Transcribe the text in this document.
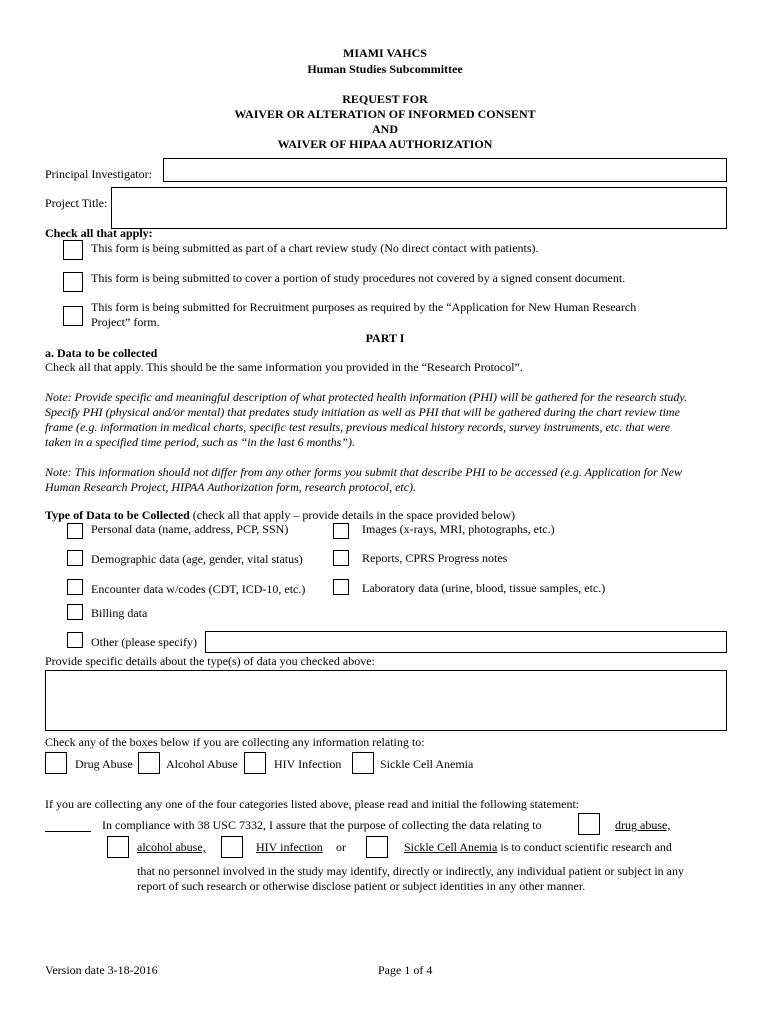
MIAMI VAHCS
Human Studies Subcommittee
REQUEST FOR
WAIVER OR ALTERATION OF INFORMED CONSENT
AND
WAIVER OF HIPAA AUTHORIZATION
Principal Investigator:
Project Title:
Check all that apply:
This form is being submitted as part of a chart review study (No direct contact with patients).
This form is being submitted to cover a portion of study procedures not covered by a signed consent document.
This form is being submitted for Recruitment purposes as required by the “Application for New Human Research
Project” form.
PART I
a. Data to be collected
Check all that apply. This should be the same information you provided in the “Research Protocol”.
Note: Provide specific and meaningful description of what protected health information (PHI) will be gathered for the research study.
Specify PHI (physical and/or mental) that predates study initiation as well as PHI that will be gathered during the chart review time
frame (e.g. information in medical charts, specific test results, previous medical history records, survey instruments, etc. that were
taken in a specified time period, such as “in the last 6 months”).
Note: This information should not differ from any other forms you submit that describe PHI to be accessed (e.g. Application for New
Human Research Project, HIPAA Authorization form, research protocol, etc).
Type of Data to be Collected (check all that apply – provide details in the space provided below)
Personal data (name, address, PCP, SSN)	Images (x-rays, MRI, photographs, etc.)
Demographic data (age, gender, vital status)	Reports, CPRS Progress notes
Encounter data w/codes (CDT, ICD-10, etc.)	Laboratory data (urine, blood, tissue samples, etc.)
Billing data
Other (please specify)
Provide specific details about the type(s) of data you checked above:
Check any of the boxes below if you are collecting any information relating to:
Drug Abuse	Alcohol Abuse	HIV Infection	Sickle Cell Anemia
If you are collecting any one of the four categories listed above, please read and initial the following statement:
In compliance with 38 USC 7332, I assure that the purpose of collecting the data relating to	drug abuse,
alcohol abuse,	HIV infection or	Sickle Cell Anemia is to conduct scientific research and
that no personnel involved in the study may identify, directly or indirectly, any individual patient or subject in any
report of such research or otherwise disclose patient or subject identities in any other manner.
Version date 3-18-2016	Page 1 of 4
